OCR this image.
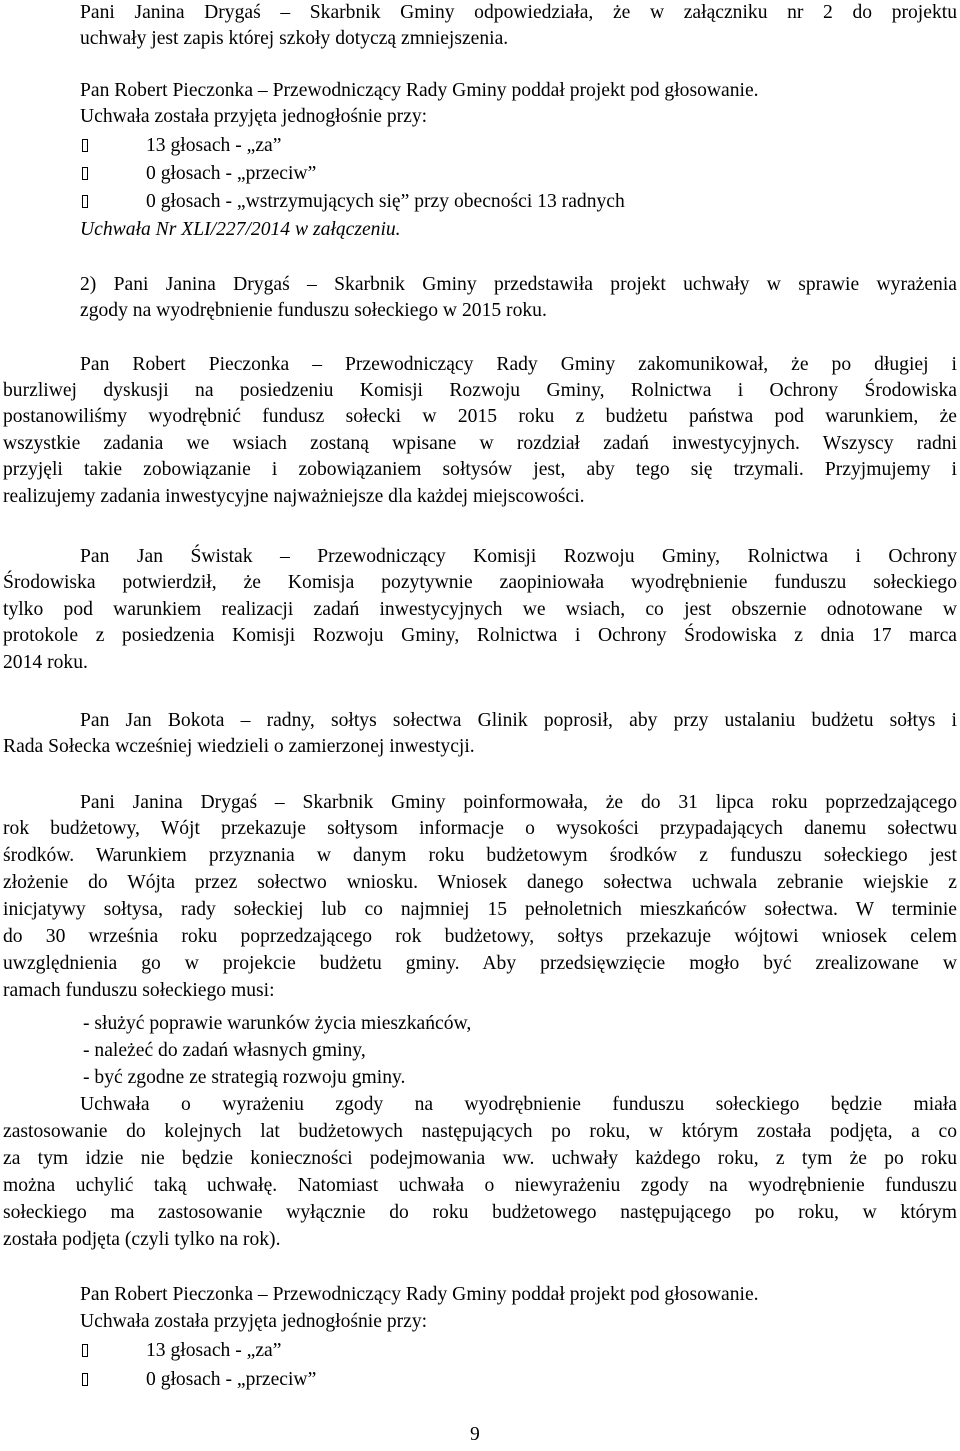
Pani Janina Drygaś – Skarbnik Gminy odpowiedziała, że w załączniku nr 2 do projektu

uchwały jest zapis której szkoły dotyczą zmniejszenia.

Pan Robert Pieczonka – Przewodniczący Rady Gminy poddał projekt pod głosowanie.

Uchwała została przyjęta jednogłośnie przy:

13 głosach - „za”
0 głosach - „przeciw”
0 głosach - „wstrzymujących się” przy obecności 13 radnych

Uchwała Nr XLI/227/2014 w załączeniu.

2) Pani Janina Drygaś – Skarbnik Gminy przedstawiła projekt uchwały w sprawie wyrażenia

zgody na wyodrębnienie funduszu sołeckiego w 2015 roku.

Pan Robert Pieczonka – Przewodniczący Rady Gminy zakomunikował, że po długiej i

burzliwej dyskusji na posiedzeniu Komisji Rozwoju Gminy, Rolnictwa i Ochrony Środowiska

postanowiliśmy wyodrębnić fundusz sołecki w 2015 roku z budżetu państwa pod warunkiem, że

wszystkie zadania we wsiach zostaną wpisane w rozdział zadań inwestycyjnych. Wszyscy radni

przyjęli takie zobowiązanie i zobowiązaniem sołtysów jest, aby tego się trzymali. Przyjmujemy i

realizujemy zadania inwestycyjne najważniejsze dla każdej miejscowości.

Pan Jan Świstak – Przewodniczący Komisji Rozwoju Gminy, Rolnictwa i Ochrony

Środowiska potwierdził, że Komisja pozytywnie zaopiniowała wyodrębnienie funduszu sołeckiego

tylko pod warunkiem realizacji zadań inwestycyjnych we wsiach, co jest obszernie odnotowane w

protokole z posiedzenia Komisji Rozwoju Gminy, Rolnictwa i Ochrony Środowiska z dnia 17 marca

2014 roku.

Pan Jan Bokota – radny, sołtys sołectwa Glinik poprosił, aby przy ustalaniu budżetu sołtys i

Rada Sołecka wcześniej wiedzieli o zamierzonej inwestycji.

Pani Janina Drygaś – Skarbnik Gminy poinformowała, że do 31 lipca roku poprzedzającego

rok budżetowy, Wójt przekazuje sołtysom informacje o wysokości przypadających danemu sołectwu

środków. Warunkiem przyznania w danym roku budżetowym środków z funduszu sołeckiego jest

złożenie do Wójta przez sołectwo wniosku. Wniosek danego sołectwa uchwala zebranie wiejskie z

inicjatywy sołtysa, rady sołeckiej lub co najmniej 15 pełnoletnich mieszkańców sołectwa. W terminie

do 30 września roku poprzedzającego rok budżetowy, sołtys przekazuje wójtowi wniosek celem

uwzględnienia go w projekcie budżetu gminy. Aby przedsięwzięcie mogło być zrealizowane w

ramach funduszu sołeckiego musi:

- służyć poprawie warunków życia mieszkańców,

- należeć do zadań własnych gminy,

- być zgodne ze strategią rozwoju gminy.

Uchwała o wyrażeniu zgody na wyodrębnienie funduszu sołeckiego będzie miała

zastosowanie do kolejnych lat budżetowych następujących po roku, w którym została podjęta, a co

za tym idzie nie będzie konieczności podejmowania ww. uchwały każdego roku, z tym że po roku

można uchylić taką uchwałę. Natomiast uchwała o niewyrażeniu zgody na wyodrębnienie funduszu

sołeckiego ma zastosowanie wyłącznie do roku budżetowego następującego po roku, w którym

została podjęta (czyli tylko na rok).

Pan Robert Pieczonka – Przewodniczący Rady Gminy poddał projekt pod głosowanie.

Uchwała została przyjęta jednogłośnie przy:

13 głosach - „za”
0 głosach - „przeciw”
9
